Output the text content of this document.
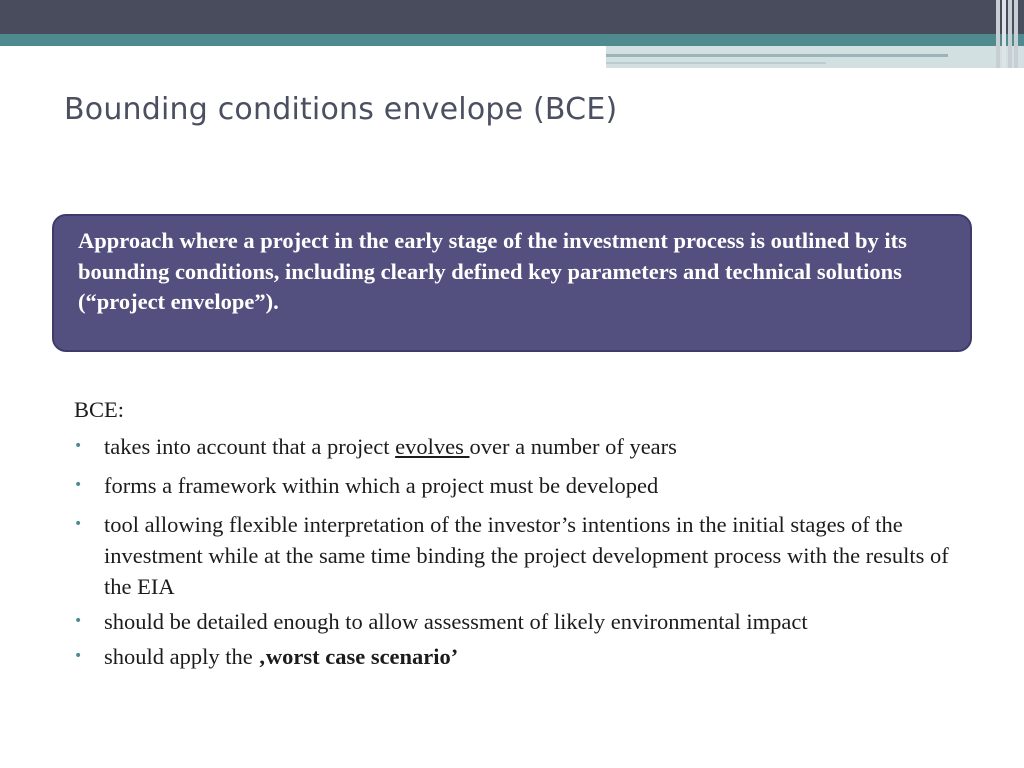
Bounding conditions envelope (BCE)

Approach where a project in the early stage of the investment process is outlined by its bounding conditions, including clearly defined key parameters and technical solutions (“project envelope”).

BCE:

• takes into account that a project evolves over a number of years
• forms a framework within which a project must be developed
• tool allowing flexible interpretation of the investor’s intentions in the initial stages of the investment while at the same time binding the project development process with the results of the EIA
• should be detailed enough to allow assessment of likely environmental impact
• should apply the ‚worst case scenario’
